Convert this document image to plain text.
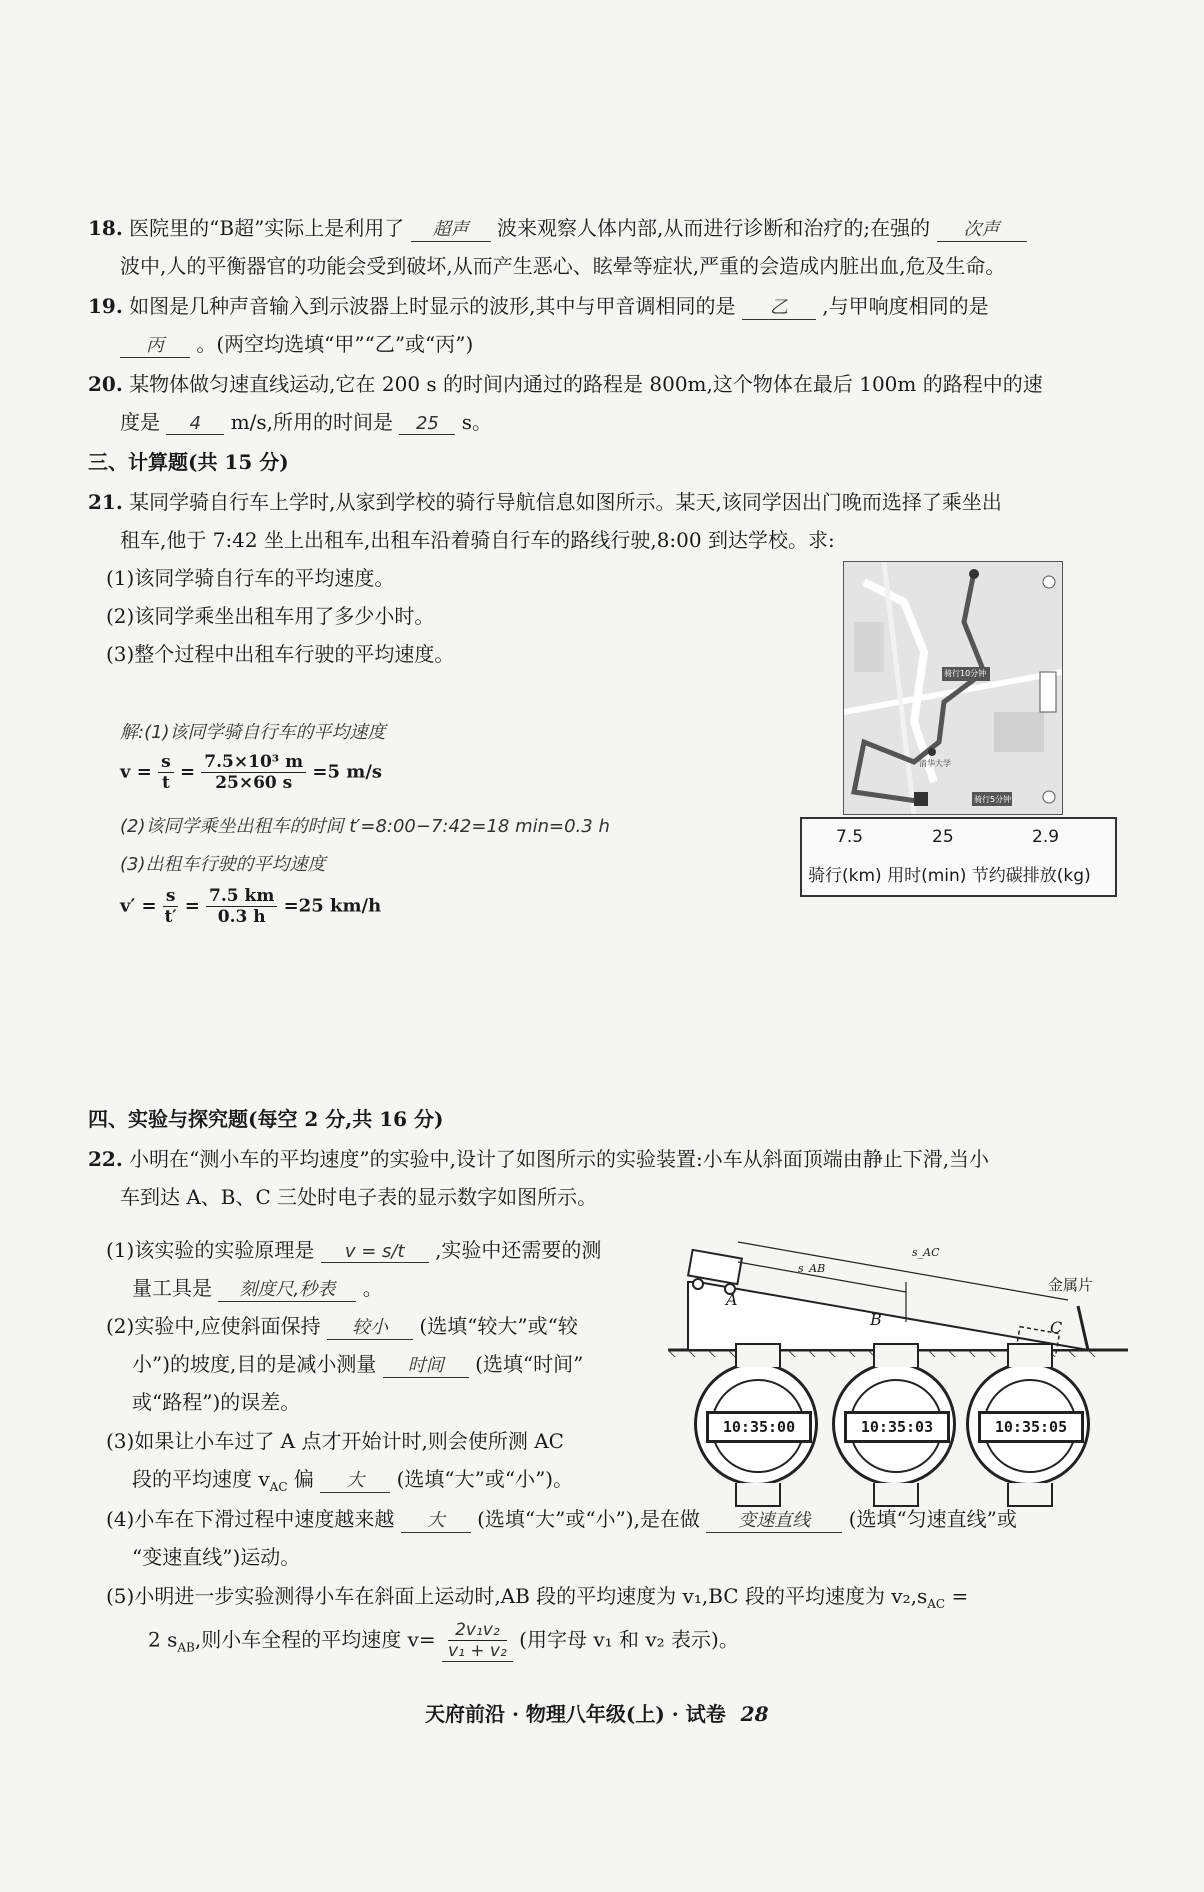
18. 医院里的“B超”实际上是利用了 超声 波来观察人体内部,从而进行诊断和治疗的;在强的 次声
波中,人的平衡器官的功能会受到破坏,从而产生恶心、眩晕等症状,严重的会造成内脏出血,危及生命。
19. 如图是几种声音输入到示波器上时显示的波形,其中与甲音调相同的是 乙 ,与甲响度相同的是
丙 。(两空均选填“甲”“乙”或“丙”)
20. 某物体做匀速直线运动,它在 200 s 的时间内通过的路程是 800m,这个物体在最后 100m 的路程中的速
度是 4 m/s,所用的时间是 25 s。
三、计算题(共 15 分)
21. 某同学骑自行车上学时,从家到学校的骑行导航信息如图所示。某天,该同学因出门晚而选择了乘坐出
租车,他于 7:42 坐上出租车,出租车沿着骑自行车的路线行驶,8:00 到达学校。求:
(1)该同学骑自行车的平均速度。
(2)该同学乘坐出租车用了多少小时。
(3)整个过程中出租车行驶的平均速度。
解:(1)该同学骑自行车的平均速度
$v = \frac{s}{t} = \frac{\text{7.5×10³ m}}{25\times 60 s} =5$ m/s
(2)该同学乘坐出租车的时间 t′=8:00−7:42=18 min=0.3 h
(3)出租车行驶的平均速度
$v' = \frac{s}{t'} = \frac{7.5 km}{0.3 h} =25$ km/h
骑行10分钟
清华大学
骑行5分钟
7.5	25	2.9
骑行(km) 用时(min) 节约碳排放(kg)
四、实验与探究题(每空 2 分,共 16 分)
22. 小明在“测小车的平均速度”的实验中,设计了如图所示的实验装置:小车从斜面顶端由静止下滑,当小
车到达 A、B、C 三处时电子表的显示数字如图所示。
(1)该实验的实验原理是 v = s/t ,实验中还需要的测
量工具是 刻度尺,秒表 。
(2)实验中,应使斜面保持 较小 (选填“较大”或“较
小”)的坡度,目的是减小测量 时间 (选填“时间”
或“路程”)的误差。
(3)如果让小车过了 A 点才开始计时,则会使所测 AC
段的平均速度 $v_{AC}$ 偏 大 (选填“大”或“小”)。
(4)小车在下滑过程中速度越来越 大 (选填“大”或“小”),是在做 变速直线 (选填“匀速直线”或
“变速直线”)运动。
(5)小明进一步实验测得小车在斜面上运动时,AB 段的平均速度为 v₁,BC 段的平均速度为 $v_2,s_{AC}$ =
2 $s_{AB}$,则小车全程的平均速度 $v= \frac{\text{2v₁v₂}}{\text{v₁ + v₂}}$ (用字母 v₁ 和 v₂ 表示)。
A
B	C
s_AB
s_AC
金属片
10:35:00	10:35:03	10:35:05
天府前沿 · 物理八年级(上) · 试卷 28
